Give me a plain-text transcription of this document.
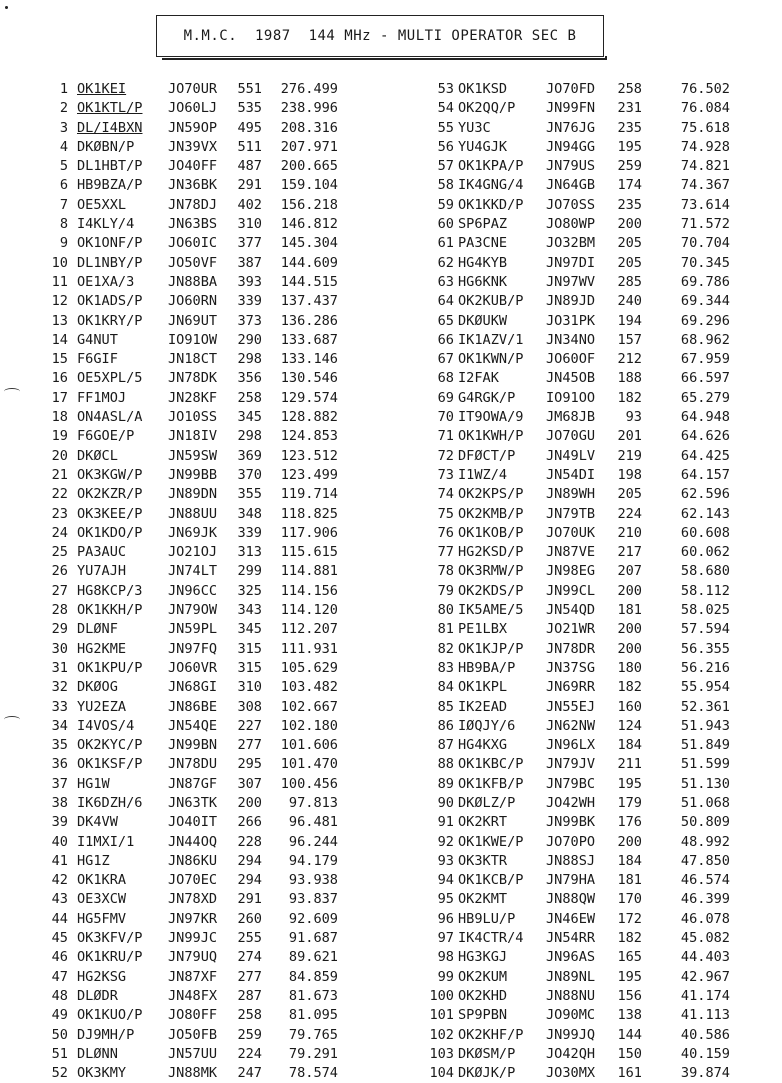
M.M.C.  1987  144 MHz - MULTI OPERATOR SEC B
1 OK1KEI	JO70UR	551	276.499
2 OK1KTL/P JO60LJ	535	238.996
3 DL/I4BXN JN59OP	495	208.316
4 DKØBN/P JN39VX	511	207.971
5 DL1HBT/P JO40FF	487	200.665
6 HB9BZA/P JN36BK	291	159.104
7 OE5XXL	JN78DJ	402	156.218
8 I4KLY/4 JN63BS	310	146.812
9 OK1ONF/P JO60IC	377	145.304
10 DL1NBY/P JO50VF	387	144.609
11 OE1XA/3 JN88BA	393	144.515
12 OK1ADS/P JO60RN	339	137.437
13 OK1KRY/P JN69UT	373	136.286
14 G4NUT	IO91OW	290	133.687
15 F6GIF	JN18CT	298	133.146
16 OE5XPL/5 JN78DK	356	130.546
17 FF1MOJ	JN28KF	258	129.574
18 ON4ASL/A JO10SS	345	128.882
19 F6GOE/P JN18IV	298	124.853
20 DKØCL	JN59SW	369	123.512
21 OK3KGW/P JN99BB	370	123.499
22 OK2KZR/P JN89DN	355	119.714
23 OK3KEE/P JN88UU	348	118.825
24 OK1KDO/P JN69JK	339	117.906
25 PA3AUC	JO21OJ	313	115.615
26 YU7AJH	JN74LT	299	114.881
27 HG8KCP/3 JN96CC	325	114.156
28 OK1KKH/P JN79OW	343	114.120
29 DLØNF	JN59PL	345	112.207
30 HG2KME	JN97FQ	315	111.931
31 OK1KPU/P JO60VR	315	105.629
32 DKØOG	JN68GI	310	103.482
33 YU2EZA	JN86BE	308	102.667
34 I4VOS/4 JN54QE	227	102.180
35 OK2KYC/P JN99BN	277	101.606
36 OK1KSF/P JN78DU	295	101.470
37 HG1W	JN87GF	307	100.456
38 IK6DZH/6 JN63TK	200	97.813
39 DK4VW	JO40IT	266	96.481
40 I1MXI/1 JN44OQ	228	96.244
41 HG1Z	JN86KU	294	94.179
42 OK1KRA	JO70EC	294	93.938
43 OE3XCW	JN78XD	291	93.837
44 HG5FMV	JN97KR	260	92.609
45 OK3KFV/P JN99JC	255	91.687
46 OK1KRU/P JN79UQ	274	89.621
47 HG2KSG	JN87XF	277	84.859
48 DLØDR	JN48FX	287	81.673
49 OK1KUO/P JO80FF	258	81.095
50 DJ9MH/P JO50FB	259	79.765
51 DLØNN	JN57UU	224	79.291
52 OK3KMY	JN88MK	247	78.574
53 OK1KSD	JO70FD	258	76.502
54 OK2QQ/P JN99FN	231	76.084
55 YU3C	JN76JG	235	75.618
56 YU4GJK	JN94GG	195	74.928
57 OK1KPA/P JN79US	259	74.821
58 IK4GNG/4 JN64GB	174	74.367
59 OK1KKD/P JO70SS	235	73.614
60 SP6PAZ	JO80WP	200	71.572
61 PA3CNE	JO32BM	205	70.704
62 HG4KYB	JN97DI	205	70.345
63 HG6KNK	JN97WV	285	69.786
64 OK2KUB/P JN89JD	240	69.344
65 DKØUKW	JO31PK	194	69.296
66 IK1AZV/1 JN34NO	157	68.962
67 OK1KWN/P JO60OF	212	67.959
68 I2FAK	JN45OB	188	66.597
69 G4RGK/P IO91OO	182	65.279
70 IT9OWA/9 JM68JB	93	64.948
71 OK1KWH/P JO70GU	201	64.626
72 DFØCT/P JN49LV	219	64.425
73 I1WZ/4	JN54DI	198	64.157
74 OK2KPS/P JN89WH	205	62.596
75 OK2KMB/P JN79TB	224	62.143
76 OK1KOB/P JO70UK	210	60.608
77 HG2KSD/P JN87VE	217	60.062
78 OK3RMW/P JN98EG	207	58.680
79 OK2KDS/P JN99CL	200	58.112
80 IK5AME/5 JN54QD	181	58.025
81 PE1LBX	JO21WR	200	57.594
82 OK1KJP/P JN78DR	200	56.355
83 HB9BA/P JN37SG	180	56.216
84 OK1KPL	JN69RR	182	55.954
85 IK2EAD	JN55EJ	160	52.361
86 IØQJY/6 JN62NW	124	51.943
87 HG4KXG	JN96LX	184	51.849
88 OK1KBC/P JN79JV	211	51.599
89 OK1KFB/P JN79BC	195	51.130
90 DKØLZ/P JO42WH	179	51.068
91 OK2KRT	JN99BK	176	50.809
92 OK1KWE/P JO70PO	200	48.992
93 OK3KTR	JN88SJ	184	47.850
94 OK1KCB/P JN79HA	181	46.574
95 OK2KMT	JN88QW	170	46.399
96 HB9LU/P JN46EW	172	46.078
97 IK4CTR/4 JN54RR	182	45.082
98 HG3KGJ	JN96AS	165	44.403
99 OK2KUM	JN89NL	195	42.967
100 OK2KHD	JN88NU	156	41.174
101 SP9PBN	JO90MC	138	41.113
102 OK2KHF/P JN99JQ	144	40.586
103 DKØSM/P JO42QH	150	40.159
104 DKØJK/P JO30MX	161	39.874
